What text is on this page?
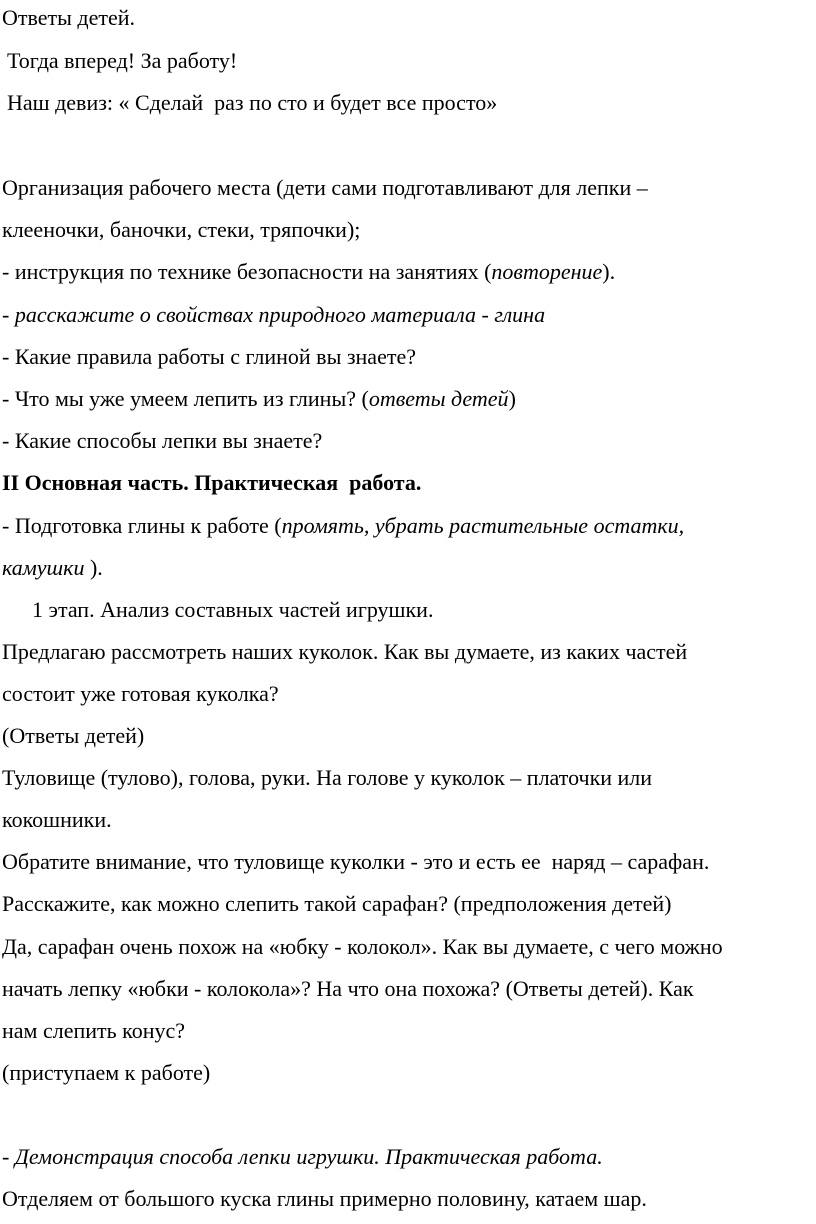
Ответы детей.
Тогда вперед! За работу!
Наш девиз: « Сделай  раз по сто и будет все просто»
Организация рабочего места (дети сами подготавливают для лепки –
клееночки, баночки, стеки, тряпочки);
- инструкция по технике безопасности на занятиях (повторение).
- расскажите о свойствах природного материала - глина
- Какие правила работы с глиной вы знаете?
- Что мы уже умеем лепить из глины? (ответы детей)
- Какие способы лепки вы знаете?
II Основная часть. Практическая  работа.
- Подготовка глины к работе (промять, убрать растительные остатки,
камушки ).
1 этап. Анализ составных частей игрушки.
Предлагаю рассмотреть наших куколок. Как вы думаете, из каких частей
состоит уже готовая куколка?
(Ответы детей)
Туловище (тулово), голова, руки. На голове у куколок – платочки или
кокошники.
Обратите внимание, что туловище куколки - это и есть ее  наряд – сарафан.
Расскажите, как можно слепить такой сарафан? (предположения детей)
Да, сарафан очень похож на «юбку - колокол». Как вы думаете, с чего можно
начать лепку «юбки - колокола»? На что она похожа? (Ответы детей). Как
нам слепить конус?
(приступаем к работе)
- Демонстрация способа лепки игрушки. Практическая работа.
Отделяем от большого куска глины примерно половину, катаем шар.
